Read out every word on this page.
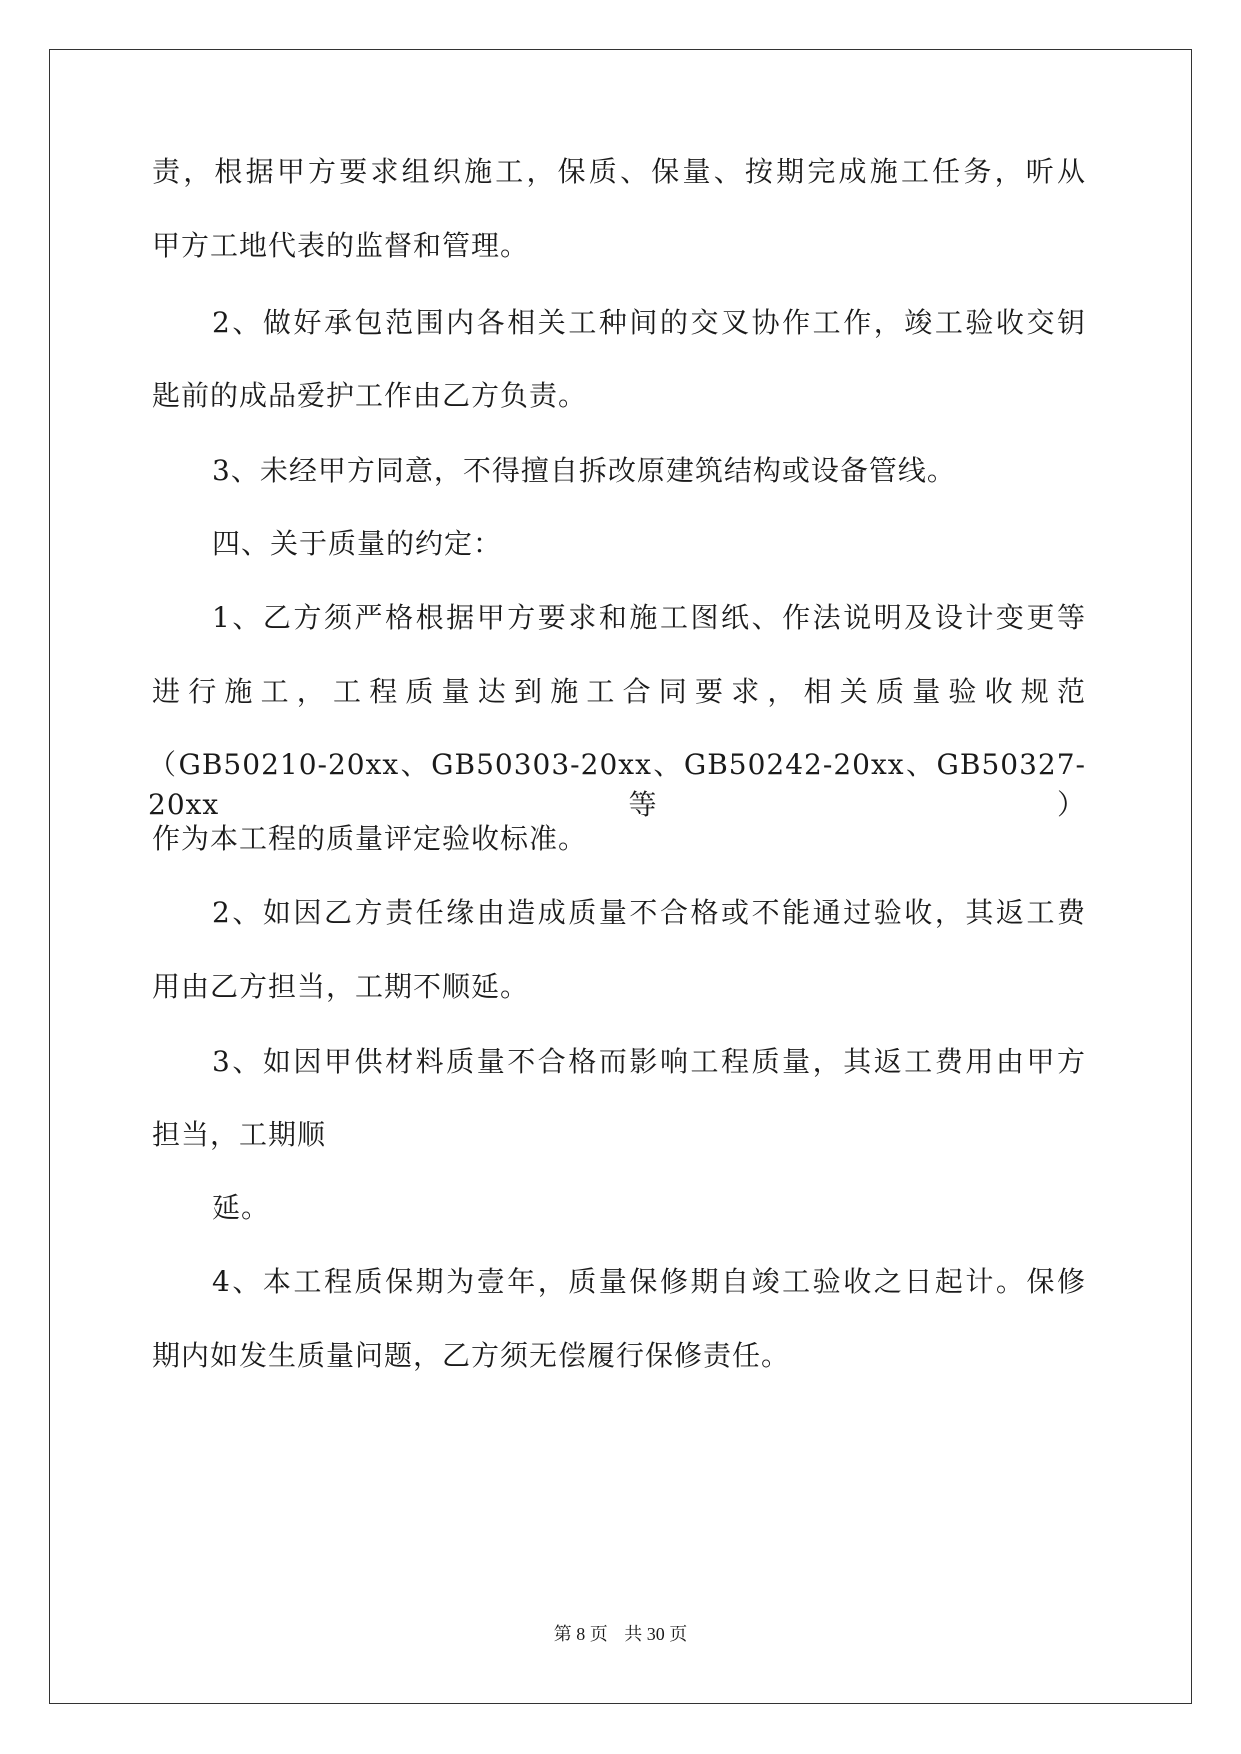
责，根据甲方要求组织施工，保质、保量、按期完成施工任务，听从
甲方工地代表的监督和管理。
2、做好承包范围内各相关工种间的交叉协作工作，竣工验收交钥
匙前的成品爱护工作由乙方负责。
3、未经甲方同意，不得擅自拆改原建筑结构或设备管线。
四、关于质量的约定：
1、乙方须严格根据甲方要求和施工图纸、作法说明及设计变更等
进行施工，工程质量达到施工合同要求，相关质量验收规范
（GB50210-20xx、GB50303-20xx、GB50242-20xx、GB50327-20xx 等）
作为本工程的质量评定验收标准。
2、如因乙方责任缘由造成质量不合格或不能通过验收，其返工费
用由乙方担当，工期不顺延。
3、如因甲供材料质量不合格而影响工程质量，其返工费用由甲方
担当，工期顺
延。
4、本工程质保期为壹年，质量保修期自竣工验收之日起计。保修
期内如发生质量问题，乙方须无偿履行保修责任。
第 8 页 共 30 页
